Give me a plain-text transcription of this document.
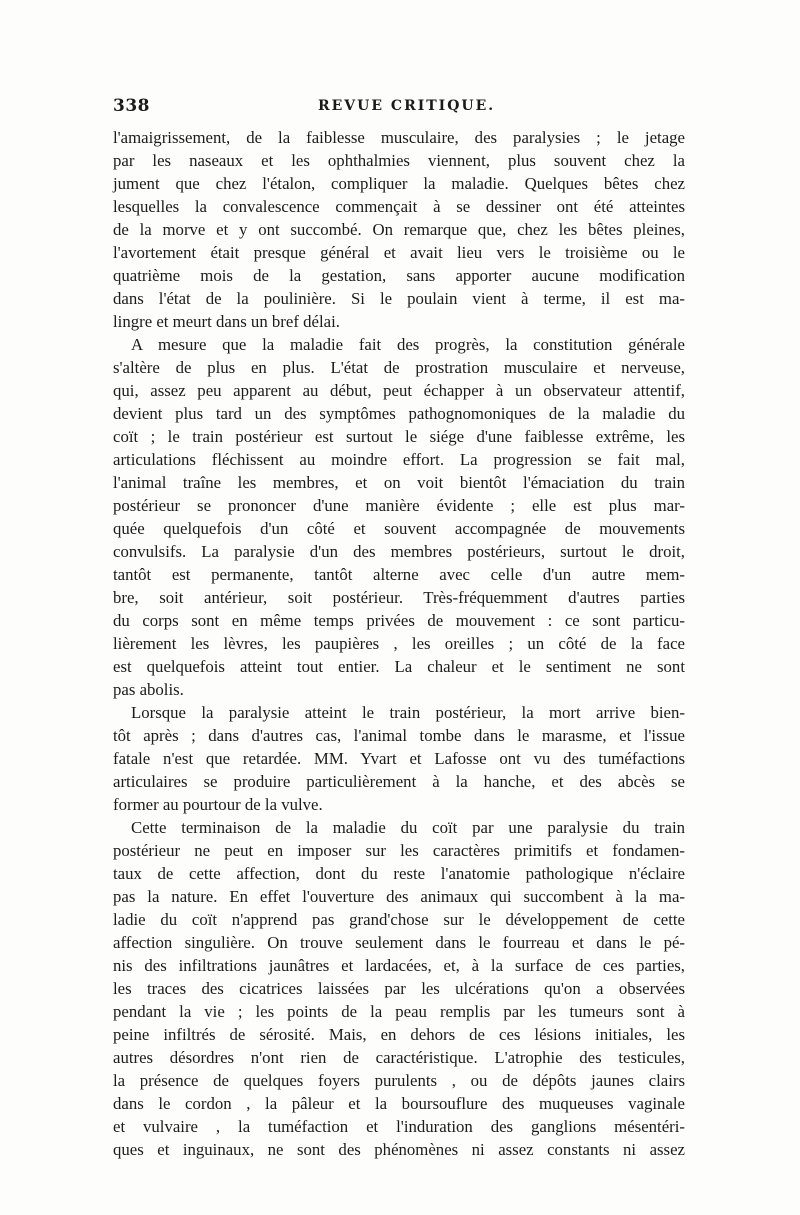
338	REVUE CRITIQUE.
l'amaigrissement, de la faiblesse musculaire, des paralysies ; le jetage
par les naseaux et les ophthalmies viennent, plus souvent chez la
jument que chez l'étalon, compliquer la maladie. Quelques bêtes chez
lesquelles la convalescence commençait à se dessiner ont été atteintes
de la morve et y ont succombé. On remarque que, chez les bêtes pleines,
l'avortement était presque général et avait lieu vers le troisième ou le
quatrième mois de la gestation, sans apporter aucune modification
dans l'état de la poulinière. Si le poulain vient à terme, il est ma-
lingre et meurt dans un bref délai.
A mesure que la maladie fait des progrès, la constitution générale
s'altère de plus en plus. L'état de prostration musculaire et nerveuse,
qui, assez peu apparent au début, peut échapper à un observateur attentif,
devient plus tard un des symptômes pathognomoniques de la maladie du
coït ; le train postérieur est surtout le siége d'une faiblesse extrême, les
articulations fléchissent au moindre effort. La progression se fait mal,
l'animal traîne les membres, et on voit bientôt l'émaciation du train
postérieur se prononcer d'une manière évidente ; elle est plus mar-
quée quelquefois d'un côté et souvent accompagnée de mouvements
convulsifs. La paralysie d'un des membres postérieurs, surtout le droit,
tantôt est permanente, tantôt alterne avec celle d'un autre mem-
bre, soit antérieur, soit postérieur. Très-fréquemment d'autres parties
du corps sont en même temps privées de mouvement : ce sont particu-
lièrement les lèvres, les paupières , les oreilles ; un côté de la face
est quelquefois atteint tout entier. La chaleur et le sentiment ne sont
pas abolis.
Lorsque la paralysie atteint le train postérieur, la mort arrive bien-
tôt après ; dans d'autres cas, l'animal tombe dans le marasme, et l'issue
fatale n'est que retardée. MM. Yvart et Lafosse ont vu des tuméfactions
articulaires se produire particulièrement à la hanche, et des abcès se
former au pourtour de la vulve.
Cette terminaison de la maladie du coït par une paralysie du train
postérieur ne peut en imposer sur les caractères primitifs et fondamen-
taux de cette affection, dont du reste l'anatomie pathologique n'éclaire
pas la nature. En effet l'ouverture des animaux qui succombent à la ma-
ladie du coït n'apprend pas grand'chose sur le développement de cette
affection singulière. On trouve seulement dans le fourreau et dans le pé-
nis des infiltrations jaunâtres et lardacées, et, à la surface de ces parties,
les traces des cicatrices laissées par les ulcérations qu'on a observées
pendant la vie ; les points de la peau remplis par les tumeurs sont à
peine infiltrés de sérosité. Mais, en dehors de ces lésions initiales, les
autres désordres n'ont rien de caractéristique. L'atrophie des testicules,
la présence de quelques foyers purulents , ou de dépôts jaunes clairs
dans le cordon , la pâleur et la boursouflure des muqueuses vaginale
et vulvaire , la tuméfaction et l'induration des ganglions mésentéri-
ques et inguinaux, ne sont des phénomènes ni assez constants ni assez
